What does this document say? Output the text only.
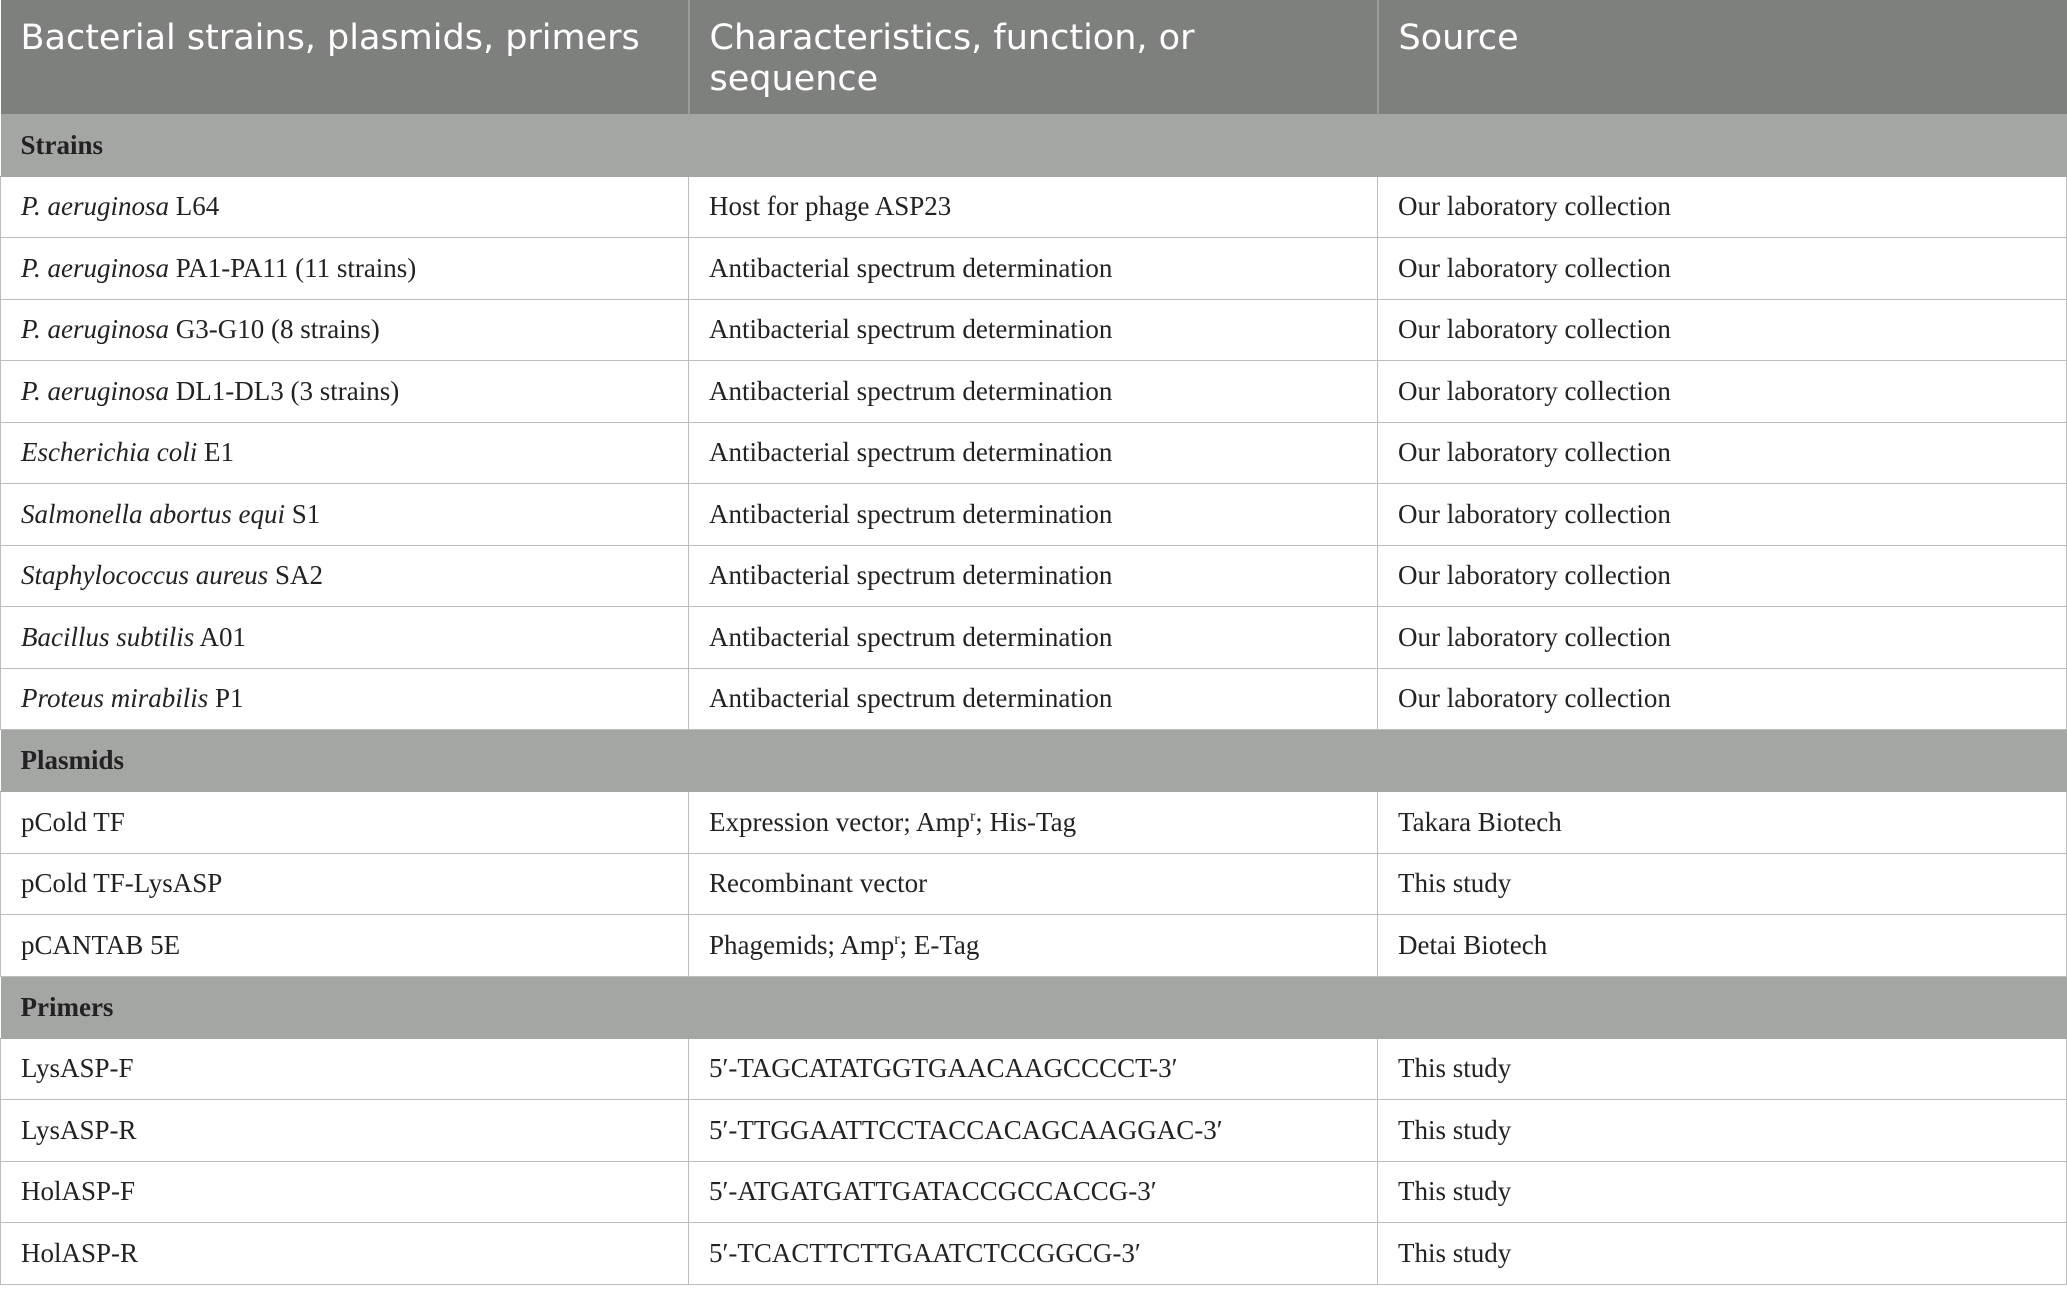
Bacterial strains, plasmids, primers	Characteristics, function, or sequence	Source
Strains		
P. aeruginosa L64	Host for phage ASP23	Our laboratory collection
P. aeruginosa PA1-PA11 (11 strains)	Antibacterial spectrum determination	Our laboratory collection
P. aeruginosa G3-G10 (8 strains)	Antibacterial spectrum determination	Our laboratory collection
P. aeruginosa DL1-DL3 (3 strains)	Antibacterial spectrum determination	Our laboratory collection
Escherichia coli E1	Antibacterial spectrum determination	Our laboratory collection
Salmonella abortus equi S1	Antibacterial spectrum determination	Our laboratory collection
Staphylococcus aureus SA2	Antibacterial spectrum determination	Our laboratory collection
Bacillus subtilis A01	Antibacterial spectrum determination	Our laboratory collection
Proteus mirabilis P1	Antibacterial spectrum determination	Our laboratory collection
Plasmids		
pCold TF	Expression vector; Amp$^r$; His-Tag	Takara Biotech
pCold TF-LysASP	Recombinant vector	This study
pCANTAB 5E	Phagemids; Amp$^r$; E-Tag	Detai Biotech
Primers		
LysASP-F	5′-TAGCATATGGTGAACAAGCCCCT-3′	This study
LysASP-R	5′-TTGGAATTCCTACCACAGCAAGGAC-3′	This study
HolASP-F	5′-ATGATGATTGATACCGCCACCG-3′	This study
HolASP-R	5′-TCACTTCTTGAATCTCCGGCG-3′	This study
